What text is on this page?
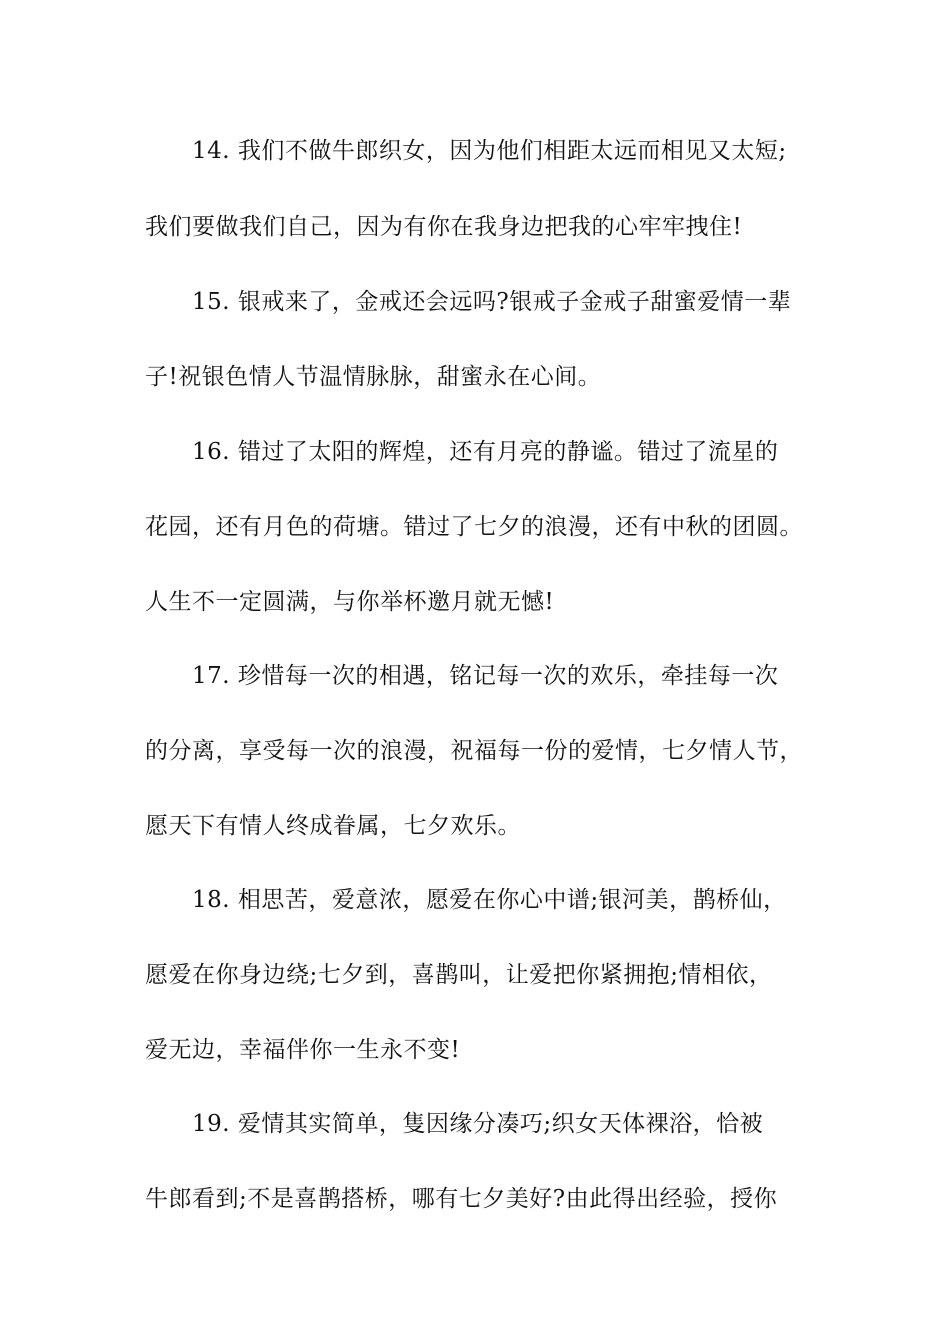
14. 我们不做牛郎织女，因为他们相距太远而相见又太短;
我们要做我们自己，因为有你在我身边把我的心牢牢拽住!
15. 银戒来了，金戒还会远吗?银戒子金戒子甜蜜爱情一辈
子!祝银色情人节温情脉脉，甜蜜永在心间。
16. 错过了太阳的辉煌，还有月亮的静谧。错过了流星的
花园，还有月色的荷塘。错过了七夕的浪漫，还有中秋的团圆。
人生不一定圆满，与你举杯邀月就无憾!
17. 珍惜每一次的相遇，铭记每一次的欢乐，牵挂每一次
的分离，享受每一次的浪漫，祝福每一份的爱情，七夕情人节，
愿天下有情人终成眷属，七夕欢乐。
18. 相思苦，爱意浓，愿爱在你心中谱;银河美，鹊桥仙，
愿爱在你身边绕;七夕到，喜鹊叫，让爱把你紧拥抱;情相依，
爱无边，幸福伴你一生永不变!
19. 爱情其实简单，隻因缘分凑巧;织女天体裸浴，恰被
牛郎看到;不是喜鹊搭桥，哪有七夕美好?由此得出经验，授你
